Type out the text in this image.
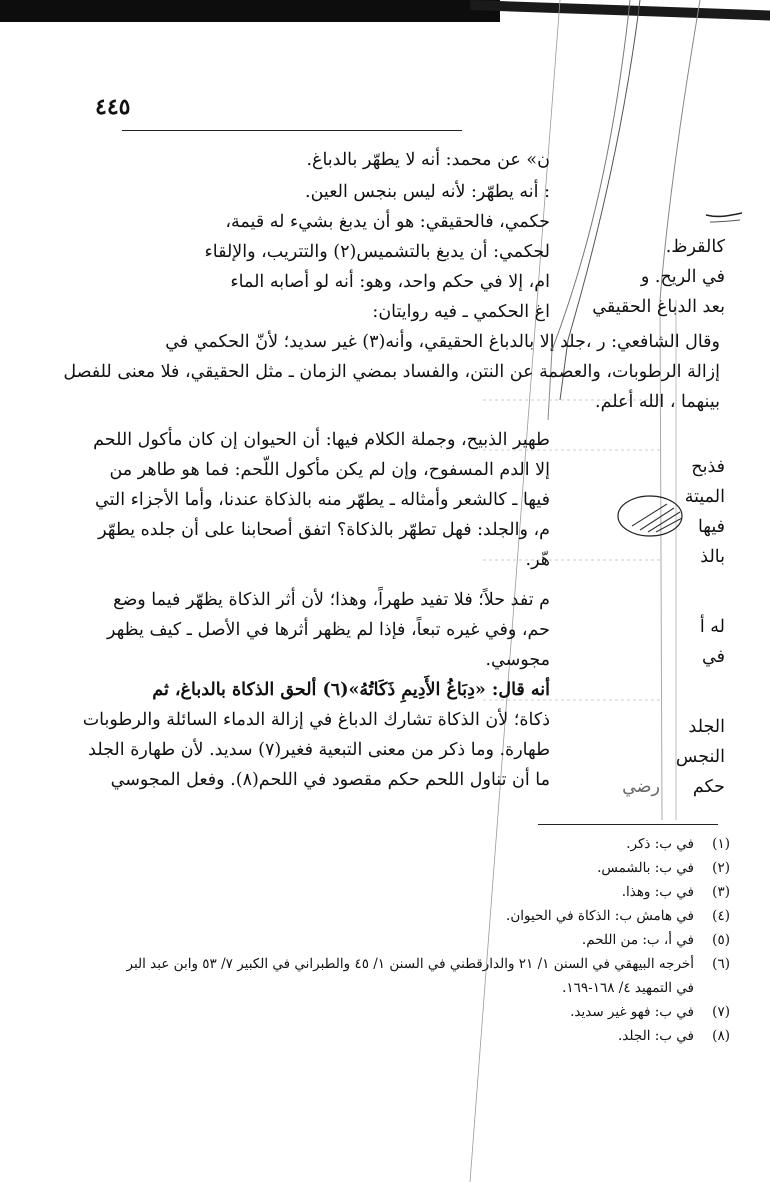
٤٤٥
ن» عن محمد: أنه لا يطهّر بالدباغ.
: أنه يطهّر: لأنه ليس بنجس العين.
حكمي، فالحقيقي: هو أن يدبغ بشيء له قيمة،
لحكمي: أن يدبغ بالتشميس(٢) والتتريب، والإلقاء
ام، إلا في حكم واحد، وهو: أنه لو أصابه الماء
اغ الحكمي ـ فيه روايتان:
وقال الشافعي: ر ،جلد إلا بالدباغ الحقيقي، وأنه(٣) غير سديد؛ لأنّ الحكمي في
إزالة الرطوبات، والعصمة عن النتن، والفساد بمضي الزمان ـ مثل الحقيقي، فلا معنى للفصل
بينهما ، الله أعلم.
طهير الذبيح، وجملة الكلام فيها: أن الحيوان إن كان مأكول اللحم
إلا الدم المسفوح، وإن لم يكن مأكول اللّحم: فما هو طاهر من
فيها ـ كالشعر وأمثاله ـ يطهّر منه بالذكاة عندنا، وأما الأجزاء التي
م، والجلد: فهل تطهّر بالذكاة؟ اتفق أصحابنا على أن جلده يطهّر
هّر.
م تفد حلاً؛ فلا تفيد طهراً، وهذا؛ لأن أثر الذكاة يظهّر فيما وضع
حم، وفي غيره تبعاً، فإذا لم يظهر أثرها في الأصل ـ كيف يظهر
مجوسي.
أنه قال: «دِبَاغُ الأَدِيمِ ذَكَاتُهُ»(٦) ألحق الذكاة بالدباغ، ثم
ذكاة؛ لأن الذكاة تشارك الدباغ في إزالة الدماء السائلة والرطوبات
طهارة. وما ذكر من معنى التبعية فغير(٧) سديد. لأن طهارة الجلد
ما أن تناول اللحم حكم مقصود في اللحم(٨). وفعل المجوسي
كالقرظ.
في الريح. و
بعد الدباغ الحقيقي
فذبح
الميتة
فيها
بالذ
له أ
في
الجلد
النجس
حكم
رضي
(١)في ب: ذكر.
(٢)في ب: بالشمس.
(٣)في ب: وهذا.
(٤)في هامش ب: الذكاة في الحيوان.
(٥)في أ، ب: من اللحم.
(٦)أخرجه البيهقي في السنن ١/ ٢١ والدارقطني في السنن ١/ ٤٥ والطبراني في الكبير ٧/ ٥٣ وابن عبد البر
في التمهيد ٤/ ١٦٨-١٦٩.
(٧)في ب: فهو غير سديد.
(٨)في ب: الجلد.
